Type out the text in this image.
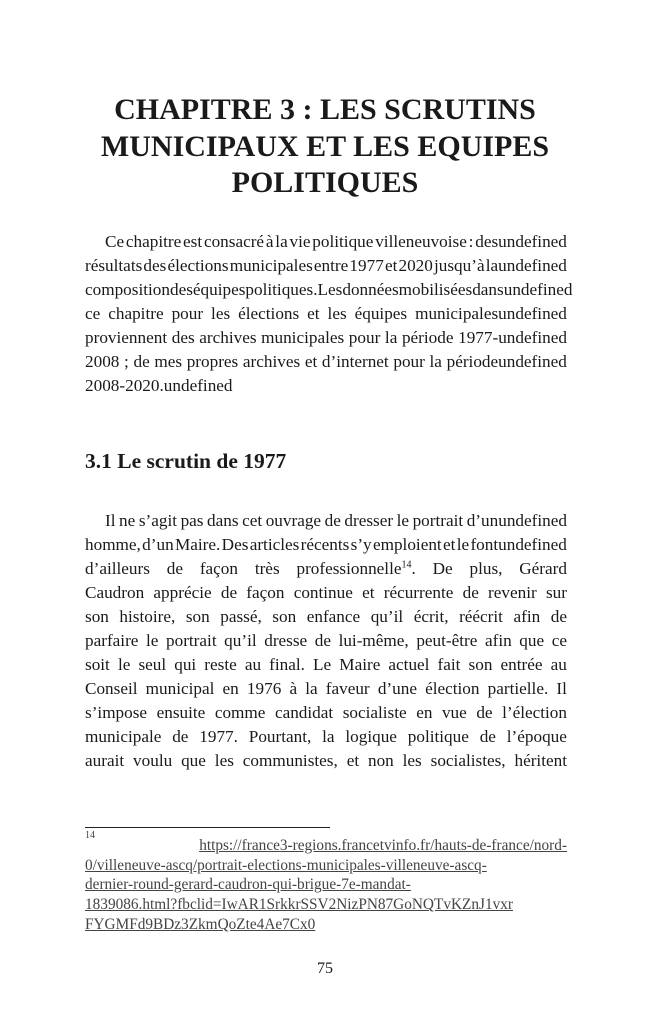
CHAPITRE 3 : LES SCRUTINS
MUNICIPAUX ET LES EQUIPES
POLITIQUES
Ce chapitre est consacré à la vie politique villeneuvoise : desundefined
résultats des élections municipales entre 1977 et 2020 jusqu’à laundefined
composition des équipes politiques. Les données mobilisées dansundefined
ce chapitre pour les élections et les équipes municipalesundefined
proviennent des archives municipales pour la période 1977-undefined
2008 ; de mes propres archives et d’internet pour la périodeundefined
2008-2020.undefined
3.1 Le scrutin de 1977
Il ne s’agit pas dans cet ouvrage de dresser le portrait d’unundefined
homme, d’un Maire. Des articles récents s’y emploient et le fontundefined
d’ailleurs de façon très professionnelle$^{14}$. De plus, Gérard
Caudron apprécie de façon continue et récurrente de revenir sur
son histoire, son passé, son enfance qu’il écrit, réécrit afin de
parfaire le portrait qu’il dresse de lui-même, peut-être afin que ce
soit le seul qui reste au final. Le Maire actuel fait son entrée au
Conseil municipal en 1976 à la faveur d’une élection partielle. Il
s’impose ensuite comme candidat socialiste en vue de l’élection
municipale de 1977. Pourtant, la logique politique de l’époque
aurait voulu que les communistes, et non les socialistes, héritent
14
https://france3-regions.francetvinfo.fr/hauts-de-france/nord-
0/villeneuve-ascq/portrait-elections-municipales-villeneuve-ascq-
dernier-round-gerard-caudron-qui-brigue-7e-mandat-
1839086.html?fbclid=IwAR1SrkkrSSV2NizPN87GoNQTvKZnJ1vxr
FYGMFd9BDz3ZkmQoZte4Ae7Cx0
75
